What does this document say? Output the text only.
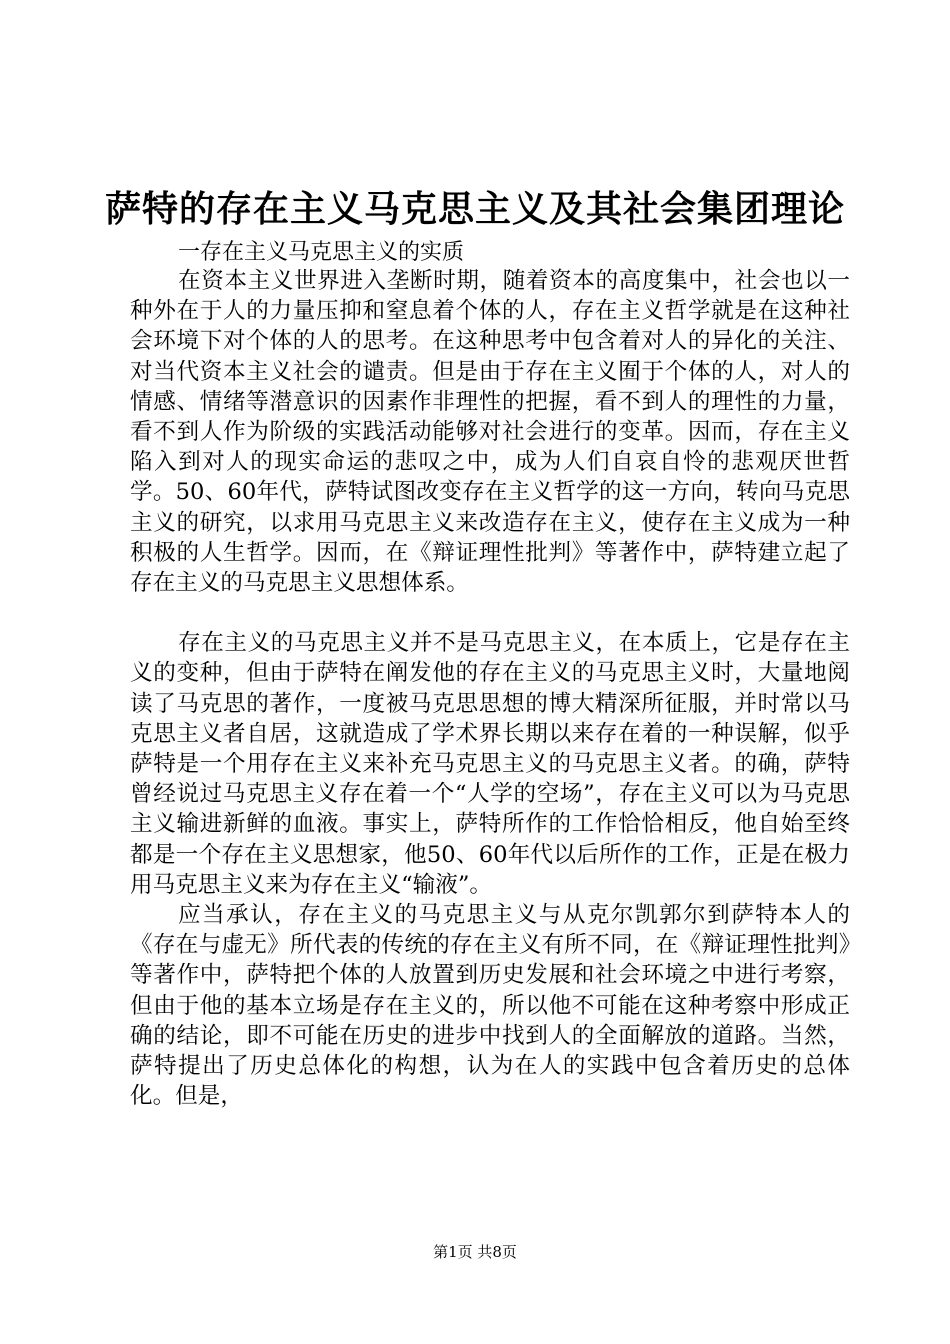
萨特的存在主义马克思主义及其社会集团理论

一存在主义马克思主义的实质

在资本主义世界进入垄断时期，随着资本的高度集中，社会也以一种外在于人的力量压抑和窒息着个体的人，存在主义哲学就是在这种社会环境下对个体的人的思考。在这种思考中包含着对人的异化的关注、对当代资本主义社会的谴责。但是由于存在主义囿于个体的人，对人的情感、情绪等潜意识的因素作非理性的把握，看不到人的理性的力量，看不到人作为阶级的实践活动能够对社会进行的变革。因而，存在主义陷入到对人的现实命运的悲叹之中，成为人们自哀自怜的悲观厌世哲学。50、60年代，萨特试图改变存在主义哲学的这一方向，转向马克思主义的研究，以求用马克思主义来改造存在主义，使存在主义成为一种积极的人生哲学。因而，在《辩证理性批判》等著作中，萨特建立起了存在主义的马克思主义思想体系。

存在主义的马克思主义并不是马克思主义，在本质上，它是存在主义的变种，但由于萨特在阐发他的存在主义的马克思主义时，大量地阅读了马克思的著作，一度被马克思思想的博大精深所征服，并时常以马克思主义者自居，这就造成了学术界长期以来存在着的一种误解，似乎萨特是一个用存在主义来补充马克思主义的马克思主义者。的确，萨特曾经说过马克思主义存在着一个“人学的空场”，存在主义可以为马克思主义输进新鲜的血液。事实上，萨特所作的工作恰恰相反，他自始至终都是一个存在主义思想家，他50、60年代以后所作的工作，正是在极力用马克思主义来为存在主义“输液”。

应当承认，存在主义的马克思主义与从克尔凯郭尔到萨特本人的《存在与虚无》所代表的传统的存在主义有所不同，在《辩证理性批判》等著作中，萨特把个体的人放置到历史发展和社会环境之中进行考察，但由于他的基本立场是存在主义的，所以他不可能在这种考察中形成正确的结论，即不可能在历史的进步中找到人的全面解放的道路。当然，萨特提出了历史总体化的构想，认为在人的实践中包含着历史的总体化。但是，

第1页 共8页
